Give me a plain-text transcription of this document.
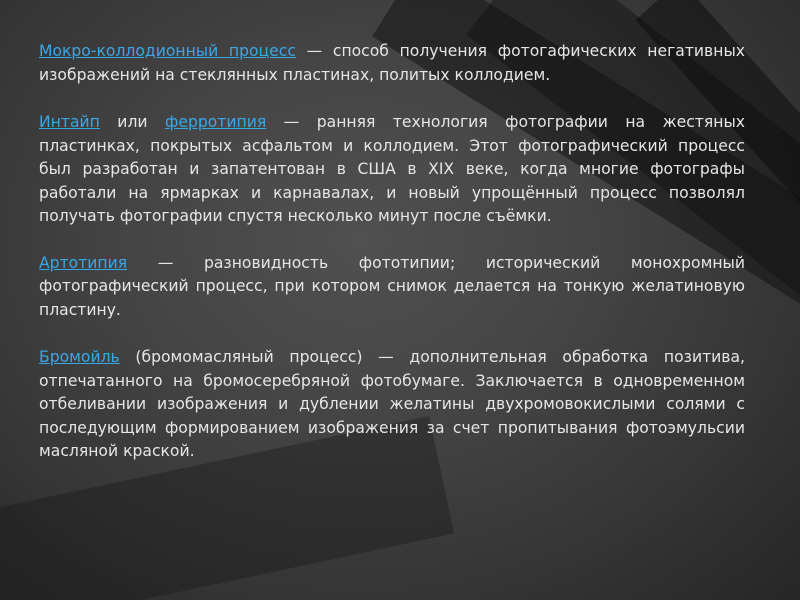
Мокро-коллодионный процесс — способ получения фотогафических негативных изображений на стеклянных пластинах, политых коллодием.

Интайп или ферротипия — ранняя технология фотографии на жестяных пластинках, покрытых асфальтом и коллодием. Этот фотографический процесс был разработан и запатентован в США в XIX веке, когда многие фотографы работали на ярмарках и карнавалах, и новый упрощённый процесс позволял получать фотографии спустя несколько минут после съёмки.

Артотипия — разновидность фототипии; исторический монохромный фотографический процесс, при котором снимок делается на тонкую желатиновую пластину.

Бромойль (бромомасляный процесс) — дополнительная обработка позитива, отпечатанного на бромосеребряной фотобумаге. Заключается в одновременном отбеливании изображения и дублении желатины двухромовокислыми солями с последующим формированием изображения за счет пропитывания фотоэмульсии масляной краской.
